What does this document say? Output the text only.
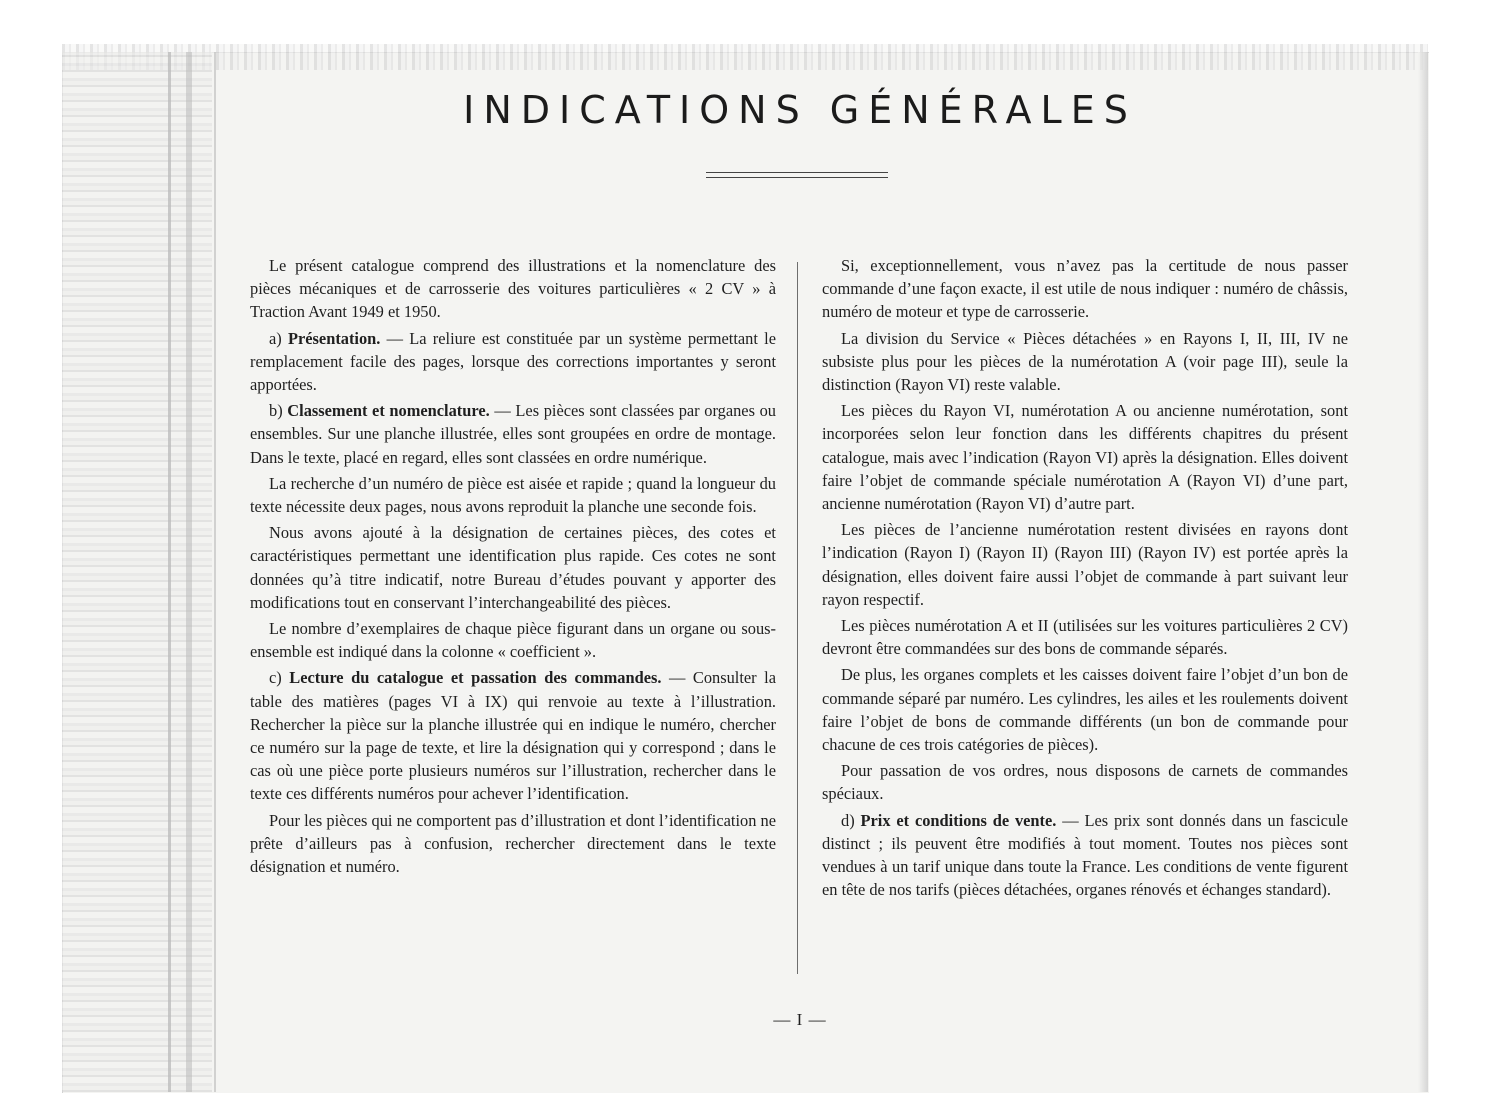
INDICATIONS GÉNÉRALES

Le présent catalogue comprend des illustrations et la nomenclature des pièces mécaniques et de carrosserie des voitures particulières « 2 CV » à Traction Avant 1949 et 1950.

a) Présentation. — La reliure est constituée par un système permettant le remplacement facile des pages, lorsque des corrections importantes y seront apportées.

b) Classement et nomenclature. — Les pièces sont classées par organes ou ensembles. Sur une planche illustrée, elles sont groupées en ordre de montage. Dans le texte, placé en regard, elles sont classées en ordre numérique.

La recherche d’un numéro de pièce est aisée et rapide ; quand la longueur du texte nécessite deux pages, nous avons reproduit la planche une seconde fois.

Nous avons ajouté à la désignation de certaines pièces, des cotes et caractéristiques permettant une identification plus rapide. Ces cotes ne sont données qu’à titre indicatif, notre Bureau d’études pouvant y apporter des modifications tout en conservant l’interchangeabilité des pièces.

Le nombre d’exemplaires de chaque pièce figurant dans un organe ou sous-ensemble est indiqué dans la colonne « coefficient ».

c) Lecture du catalogue et passation des commandes. — Consulter la table des matières (pages VI à IX) qui renvoie au texte à l’illustration. Rechercher la pièce sur la planche illustrée qui en indique le numéro, chercher ce numéro sur la page de texte, et lire la désignation qui y correspond ; dans le cas où une pièce porte plusieurs numéros sur l’illustration, rechercher dans le texte ces différents numéros pour achever l’identification.

Pour les pièces qui ne comportent pas d’illustration et dont l’identification ne prête d’ailleurs pas à confusion, rechercher directement dans le texte désignation et numéro.

Si, exceptionnellement, vous n’avez pas la certitude de nous passer commande d’une façon exacte, il est utile de nous indiquer : numéro de châssis, numéro de moteur et type de carrosserie.

La division du Service « Pièces détachées » en Rayons I, II, III, IV ne subsiste plus pour les pièces de la numérotation A (voir page III), seule la distinction (Rayon VI) reste valable.

Les pièces du Rayon VI, numérotation A ou ancienne numérotation, sont incorporées selon leur fonction dans les différents chapitres du présent catalogue, mais avec l’indication (Rayon VI) après la désignation. Elles doivent faire l’objet de commande spéciale numérotation A (Rayon VI) d’une part, ancienne numérotation (Rayon VI) d’autre part.

Les pièces de l’ancienne numérotation restent divisées en rayons dont l’indication (Rayon I) (Rayon II) (Rayon III) (Rayon IV) est portée après la désignation, elles doivent faire aussi l’objet de commande à part suivant leur rayon respectif.

Les pièces numérotation A et II (utilisées sur les voitures particulières 2 CV) devront être commandées sur des bons de commande séparés.

De plus, les organes complets et les caisses doivent faire l’objet d’un bon de commande séparé par numéro. Les cylindres, les ailes et les roulements doivent faire l’objet de bons de commande différents (un bon de commande pour chacune de ces trois catégories de pièces).

Pour passation de vos ordres, nous disposons de carnets de commandes spéciaux.

d) Prix et conditions de vente. — Les prix sont donnés dans un fascicule distinct ; ils peuvent être modifiés à tout moment. Toutes nos pièces sont vendues à un tarif unique dans toute la France. Les conditions de vente figurent en tête de nos tarifs (pièces détachées, organes rénovés et échanges standard).

— I —
